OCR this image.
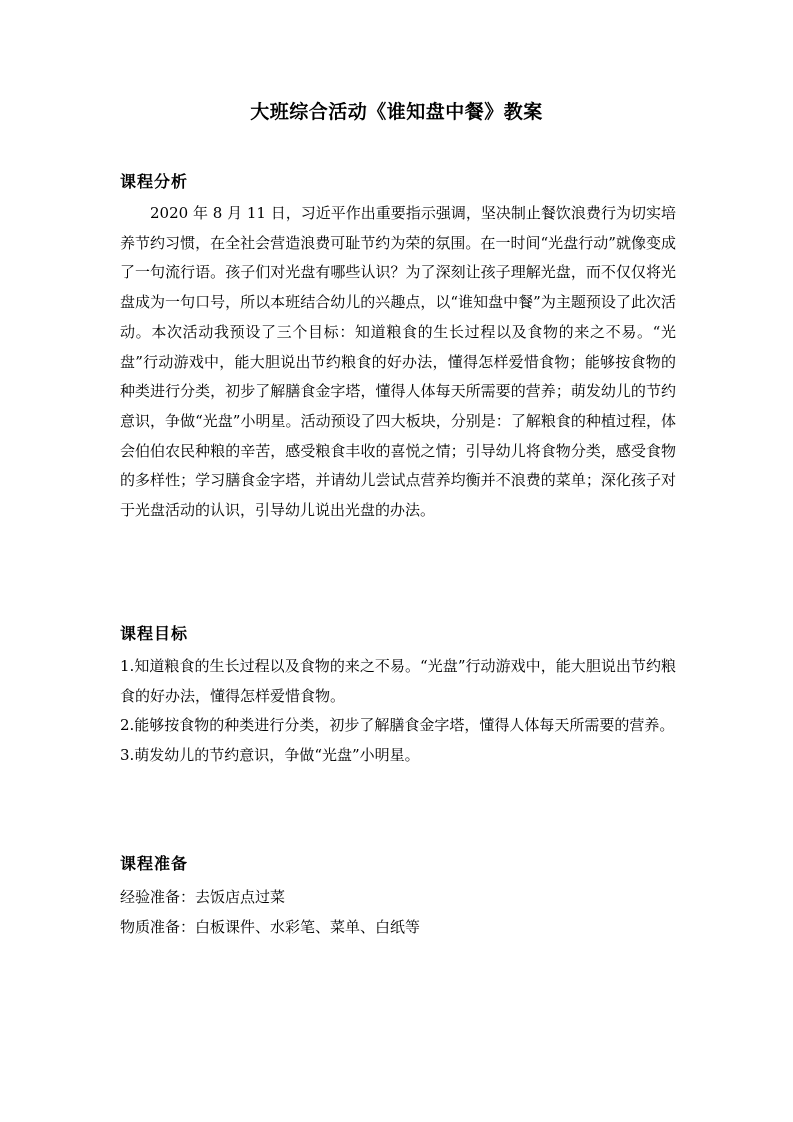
大班综合活动《谁知盘中餐》教案
课程分析
2020 年 8 月 11 日，习近平作出重要指示强调，坚决制止餐饮浪费行为切实培养节约习惯，在全社会营造浪费可耻节约为荣的氛围。在一时间“光盘行动”就像变成了一句流行语。孩子们对光盘有哪些认识？为了深刻让孩子理解光盘，而不仅仅将光盘成为一句口号，所以本班结合幼儿的兴趣点，以“谁知盘中餐”为主题预设了此次活动。本次活动我预设了三个目标：知道粮食的生长过程以及食物的来之不易。“光盘”行动游戏中，能大胆说出节约粮食的好办法，懂得怎样爱惜食物；能够按食物的种类进行分类，初步了解膳食金字塔，懂得人体每天所需要的营养；萌发幼儿的节约意识，争做“光盘”小明星。活动预设了四大板块，分别是：了解粮食的种植过程，体会伯伯农民种粮的辛苦，感受粮食丰收的喜悦之情；引导幼儿将食物分类，感受食物的多样性；学习膳食金字塔，并请幼儿尝试点营养均衡并不浪费的菜单；深化孩子对于光盘活动的认识，引导幼儿说出光盘的办法。
课程目标

1.知道粮食的生长过程以及食物的来之不易。“光盘”行动游戏中，能大胆说出节约粮食的好办法，懂得怎样爱惜食物。

2.能够按食物的种类进行分类，初步了解膳食金字塔，懂得人体每天所需要的营养。

3.萌发幼儿的节约意识，争做“光盘”小明星。

课程准备

经验准备：去饭店点过菜

物质准备：白板课件、水彩笔、菜单、白纸等
